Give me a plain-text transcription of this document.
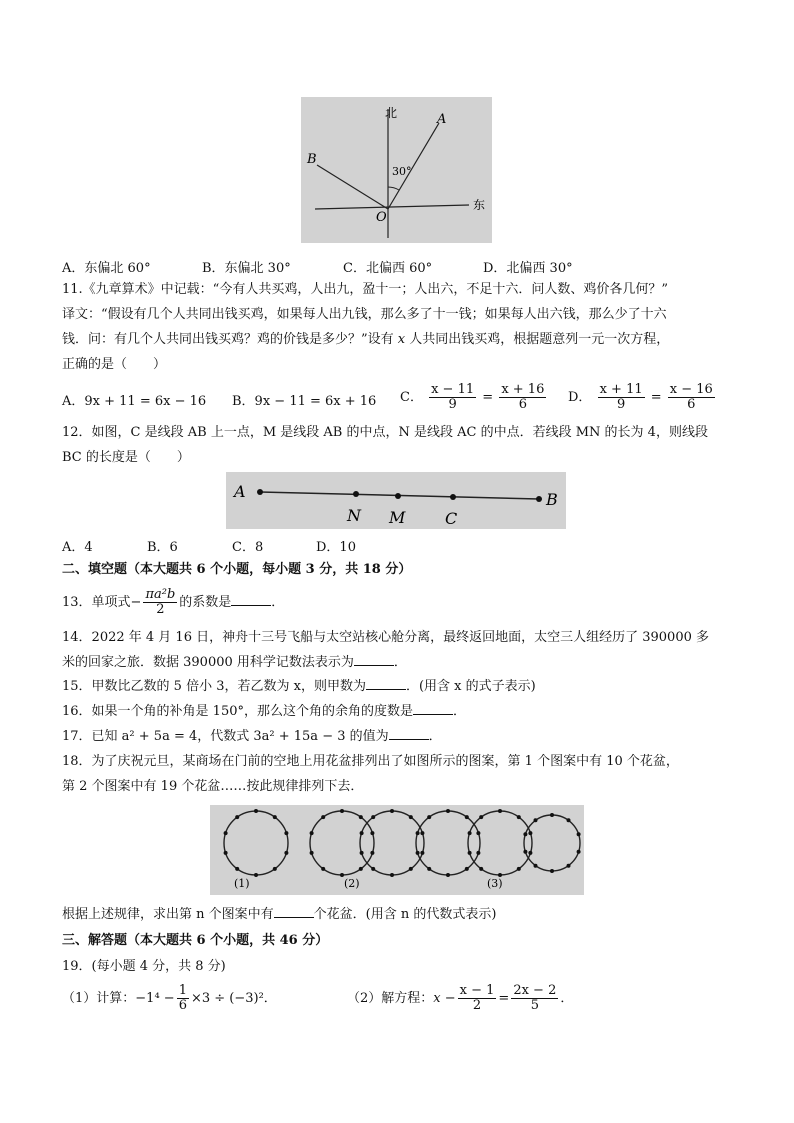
北
东
A
B
O
30°
A．东偏北 60°	B．东偏北 30°	C．北偏西 60°	D．北偏西 30°
11.《九章算术》中记载：“今有人共买鸡，人出九，盈十一；人出六，不足十六．问人数、鸡价各几何？”
译文：“假设有几个人共同出钱买鸡，如果每人出九钱，那么多了十一钱；如果每人出六钱，那么少了十六
钱．问：有几个人共同出钱买鸡？鸡的价钱是多少？”设有 x 人共同出钱买鸡，根据题意列一元一次方程，
正确的是（　　）
A．9x + 11 = 6x − 16 B．9x − 11 = 6x + 16 C． $\frac{x - 11}{9} = \frac{x + 16}{6}$ D． $\frac{x + 11}{9} = \frac{x - 16}{6}$
12．如图，C 是线段 AB 上一点，M 是线段 AB 的中点，N 是线段 AC 的中点．若线段 MN 的长为 4，则线段
BC 的长度是（　　）
A
N M C
B
A．4	B．6	C．8	D．10
二、填空题（本大题共 6 个小题，每小题 3 分，共 18 分）
13．单项式− $\frac{\text{πa²b}}{2}$ 的系数是	．
14．2022 年 4 月 16 日，神舟十三号飞船与太空站核心舱分离，最终返回地面，太空三人组经历了 390000 多
米的回家之旅．数据 390000 用科学记数法表示为	．
15．甲数比乙数的 5 倍小 3，若乙数为 x，则甲数为	．(用含 x 的式子表示)
16．如果一个角的补角是 150°，那么这个角的余角的度数是	．
17．已知 a² + 5a = 4，代数式 3a² + 15a − 3 的值为	．
18．为了庆祝元旦，某商场在门前的空地上用花盆排列出了如图所示的图案，第 1 个图案中有 10 个花盆，
第 2 个图案中有 19 个花盆……按此规律排列下去．
(1)	(2)	(3)
根据上述规律，求出第 n 个图案中有	个花盆．(用含 n 的代数式表示)
三、解答题（本大题共 6 个小题，共 46 分）
19．(每小题 4 分，共 8 分)
（1）计算：$-1^4 - \frac{1}{6} \times 3 \div (-3)^2$．	（2）解方程：$x - \frac{x - 1}{2} = \frac{2x - 2}{5}$ ．
